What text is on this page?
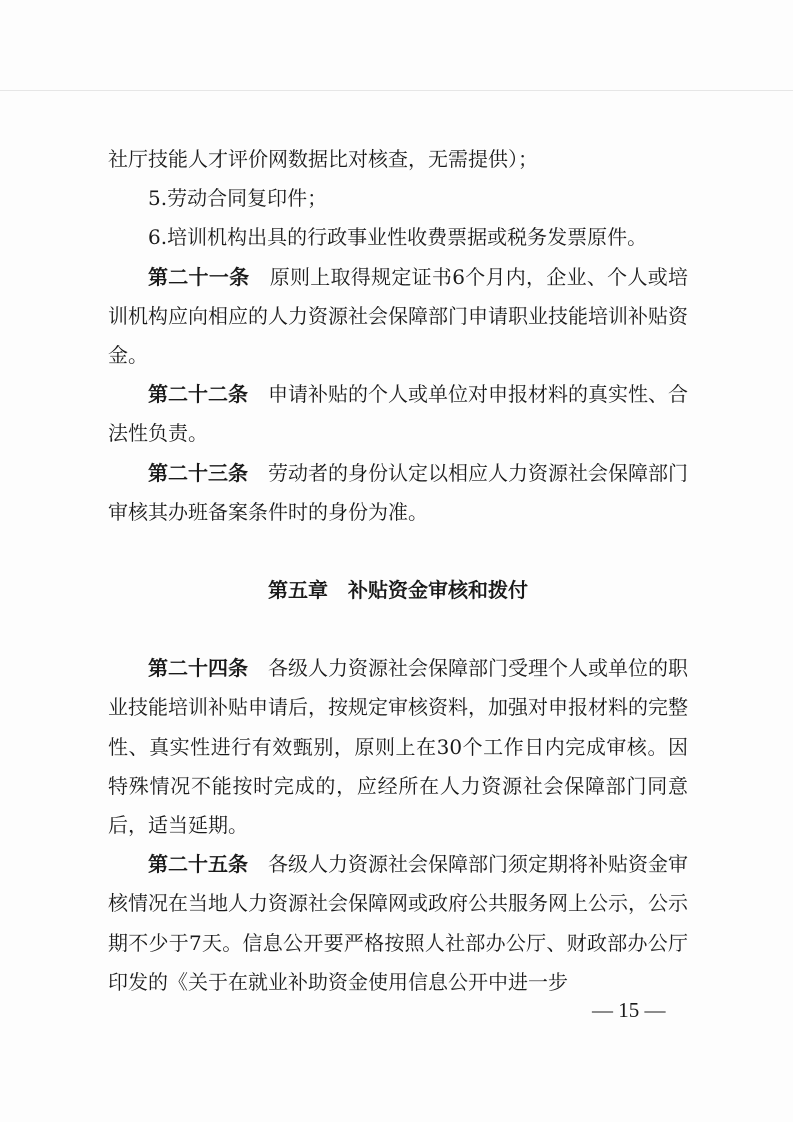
社厅技能人才评价网数据比对核查，无需提供）；

5.劳动合同复印件；

6.培训机构出具的行政事业性收费票据或税务发票原件。

第二十一条　 原则上取得规定证书6个月内，企业、个人或培训机构应向相应的人力资源社会保障部门申请职业技能培训补贴资金。

第二十二条　 申请补贴的个人或单位对申报材料的真实性、合法性负责。

第二十三条　 劳动者的身份认定以相应人力资源社会保障部门审核其办班备案条件时的身份为准。

第五章　补贴资金审核和拨付

第二十四条　 各级人力资源社会保障部门受理个人或单位的职业技能培训补贴申请后，按规定审核资料，加强对申报材料的完整性、真实性进行有效甄别，原则上在30个工作日内完成审核。因特殊情况不能按时完成的，应经所在人力资源社会保障部门同意后，适当延期。

第二十五条　 各级人力资源社会保障部门须定期将补贴资金审核情况在当地人力资源社会保障网或政府公共服务网上公示，公示期不少于7天。信息公开要严格按照人社部办公厅、财政部办公厅印发的《关于在就业补助资金使用信息公开中进一步

— 15 —
